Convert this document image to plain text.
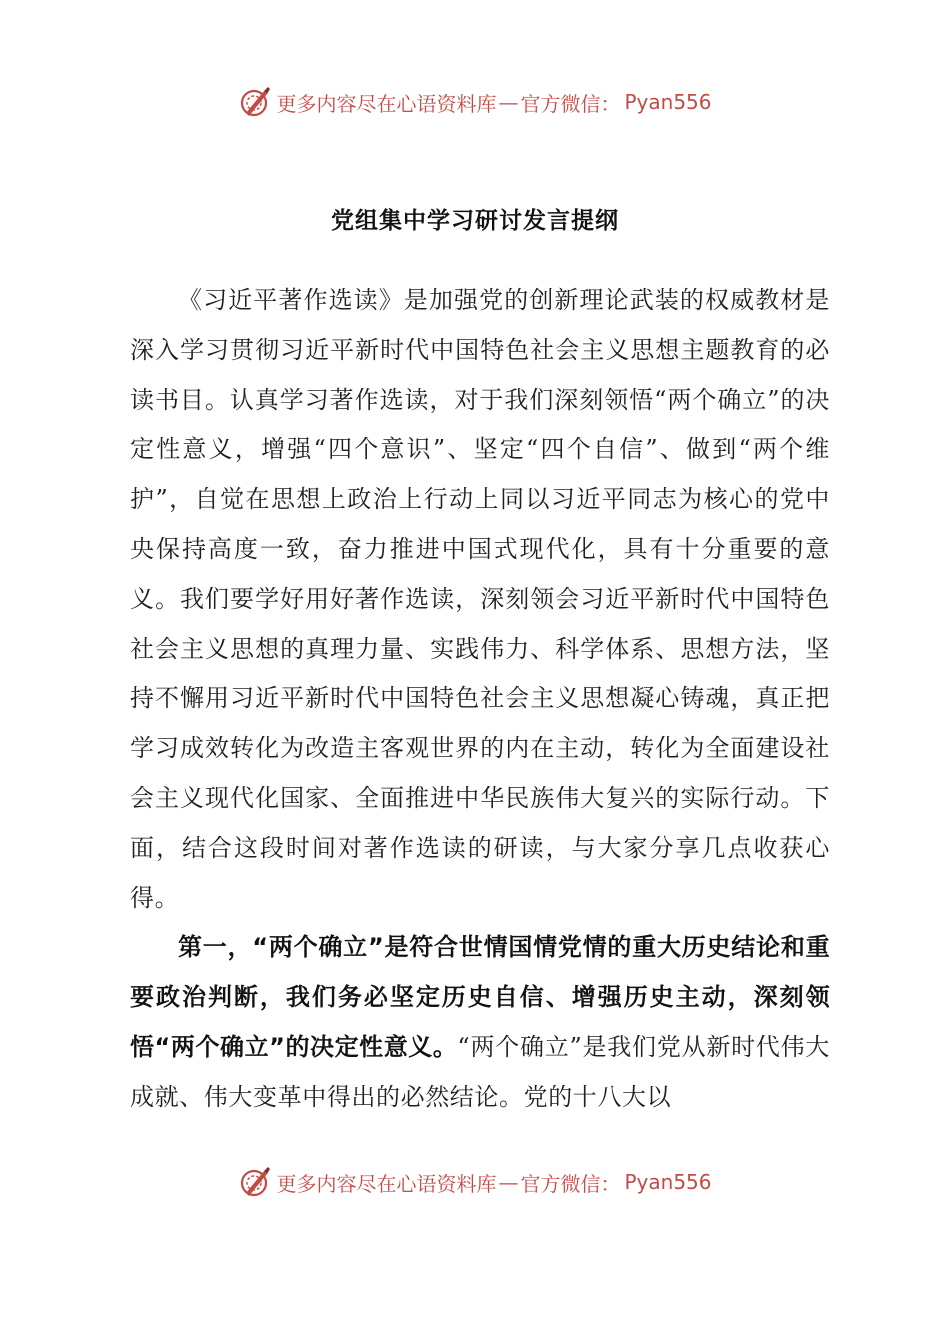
更多内容尽在心语资料库 — 官方微信： Pyan556
党组集中学习研讨发言提纲

《习近平著作选读》是加强党的创新理论武装的权威教材是深入学习贯彻习近平新时代中国特色社会主义思想主题教育的必读书目。认真学习著作选读，对于我们深刻领悟“两个确立”的决定性意义，增强“四个意识”、坚定“四个自信”、做到“两个维护”，自觉在思想上政治上行动上同以习近平同志为核心的党中央保持高度一致，奋力推进中国式现代化，具有十分重要的意义。我们要学好用好著作选读，深刻领会习近平新时代中国特色社会主义思想的真理力量、实践伟力、科学体系、思想方法，坚持不懈用习近平新时代中国特色社会主义思想凝心铸魂，真正把学习成效转化为改造主客观世界的内在主动，转化为全面建设社会主义现代化国家、全面推进中华民族伟大复兴的实际行动。下面，结合这段时间对著作选读的研读，与大家分享几点收获心得。

第一，“两个确立”是符合世情国情党情的重大历史结论和重要政治判断，我们务必坚定历史自信、增强历史主动，深刻领悟“两个确立”的决定性意义。“两个确立”是我们党从新时代伟大成就、伟大变革中得出的必然结论。党的十八大以

更多内容尽在心语资料库 — 官方微信： Pyan556
